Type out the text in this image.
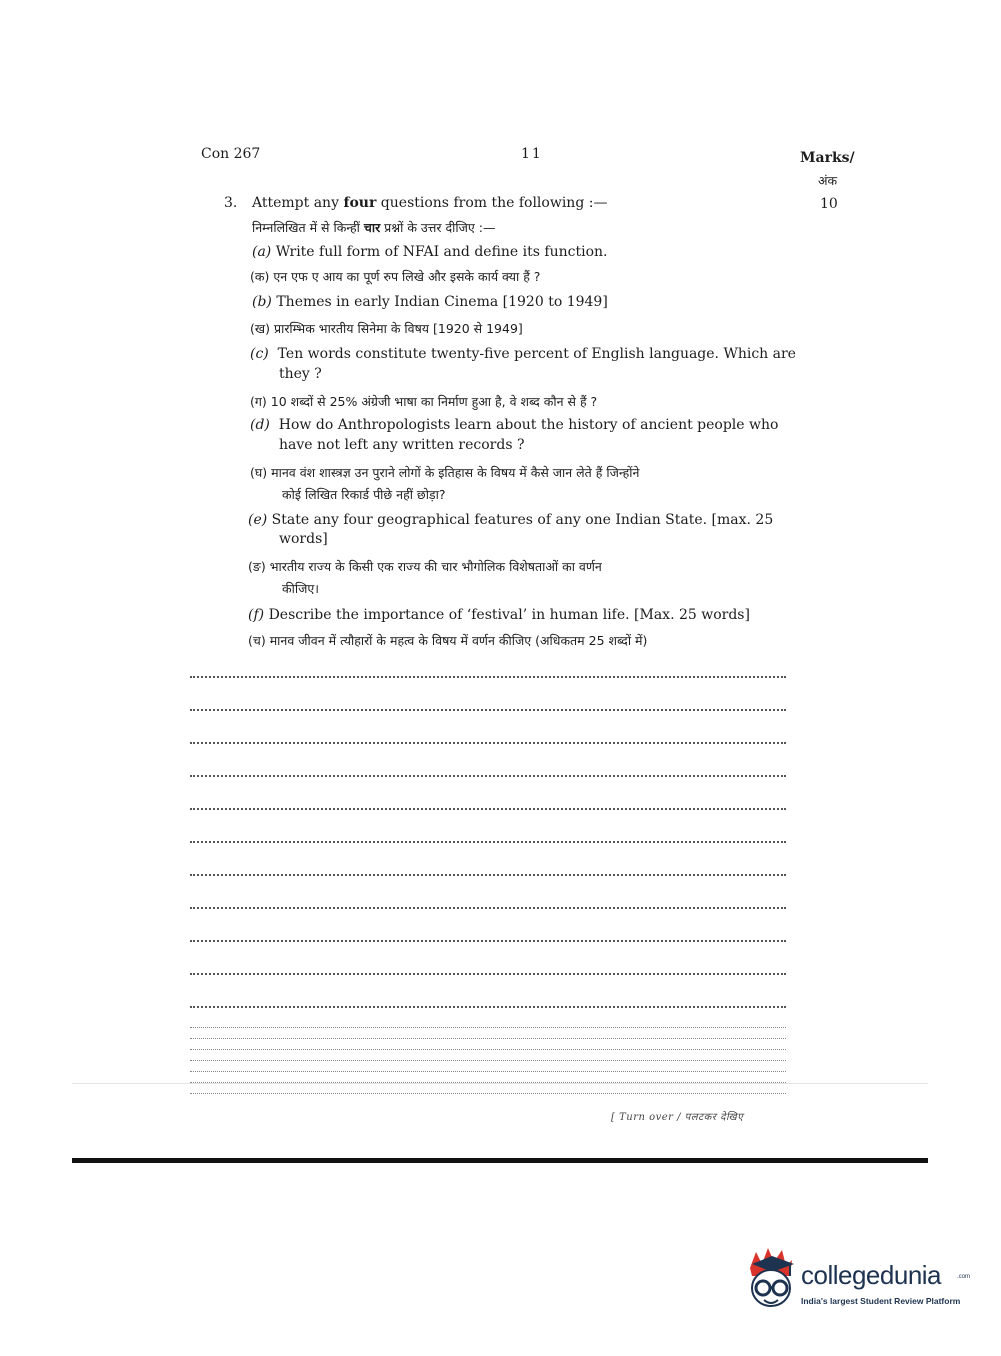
Con 267	11	Marks/
अंक
10
3. Attempt any four questions from the following :—
निम्नलिखित में से किन्हीं चार प्रश्नों के उत्तर दीजिए :—
(a) Write full form of NFAI and define its function.
(क) एन एफ ए आय का पूर्ण रुप लिखे और इसके कार्य क्या हैं ?
(b) Themes in early Indian Cinema [1920 to 1949]
(ख) प्रारम्भिक भारतीय सिनेमा के विषय [1920 से 1949]
(c) Ten words constitute twenty-five percent of English language. Which are
they ?
(ग) 10 शब्दों से 25% अंग्रेजी भाषा का निर्माण हुआ है, वे शब्द कौन से हैं ?
(d) How do Anthropologists learn about the history of ancient people who
have not left any written records ?
(घ) मानव वंश शास्त्रज्ञ उन पुराने लोगों के इतिहास के विषय में कैसे जान लेते हैं जिन्होंने
कोई लिखित रिकार्ड पीछे नहीं छोड़ा?
(e) State any four geographical features of any one Indian State. [max. 25
words]
(ङ) भारतीय राज्य के किसी एक राज्य की चार भौगोलिक विशेषताओं का वर्णन
कीजिए।
(f) Describe the importance of ‘festival’ in human life. [Max. 25 words]
(च) मानव जीवन में त्यौहारों के महत्व के विषय में वर्णन कीजिए (अधिकतम 25 शब्दों में)
[ Turn over / पलटकर देखिए
collegedunia	.com
India's largest Student Review Platform
